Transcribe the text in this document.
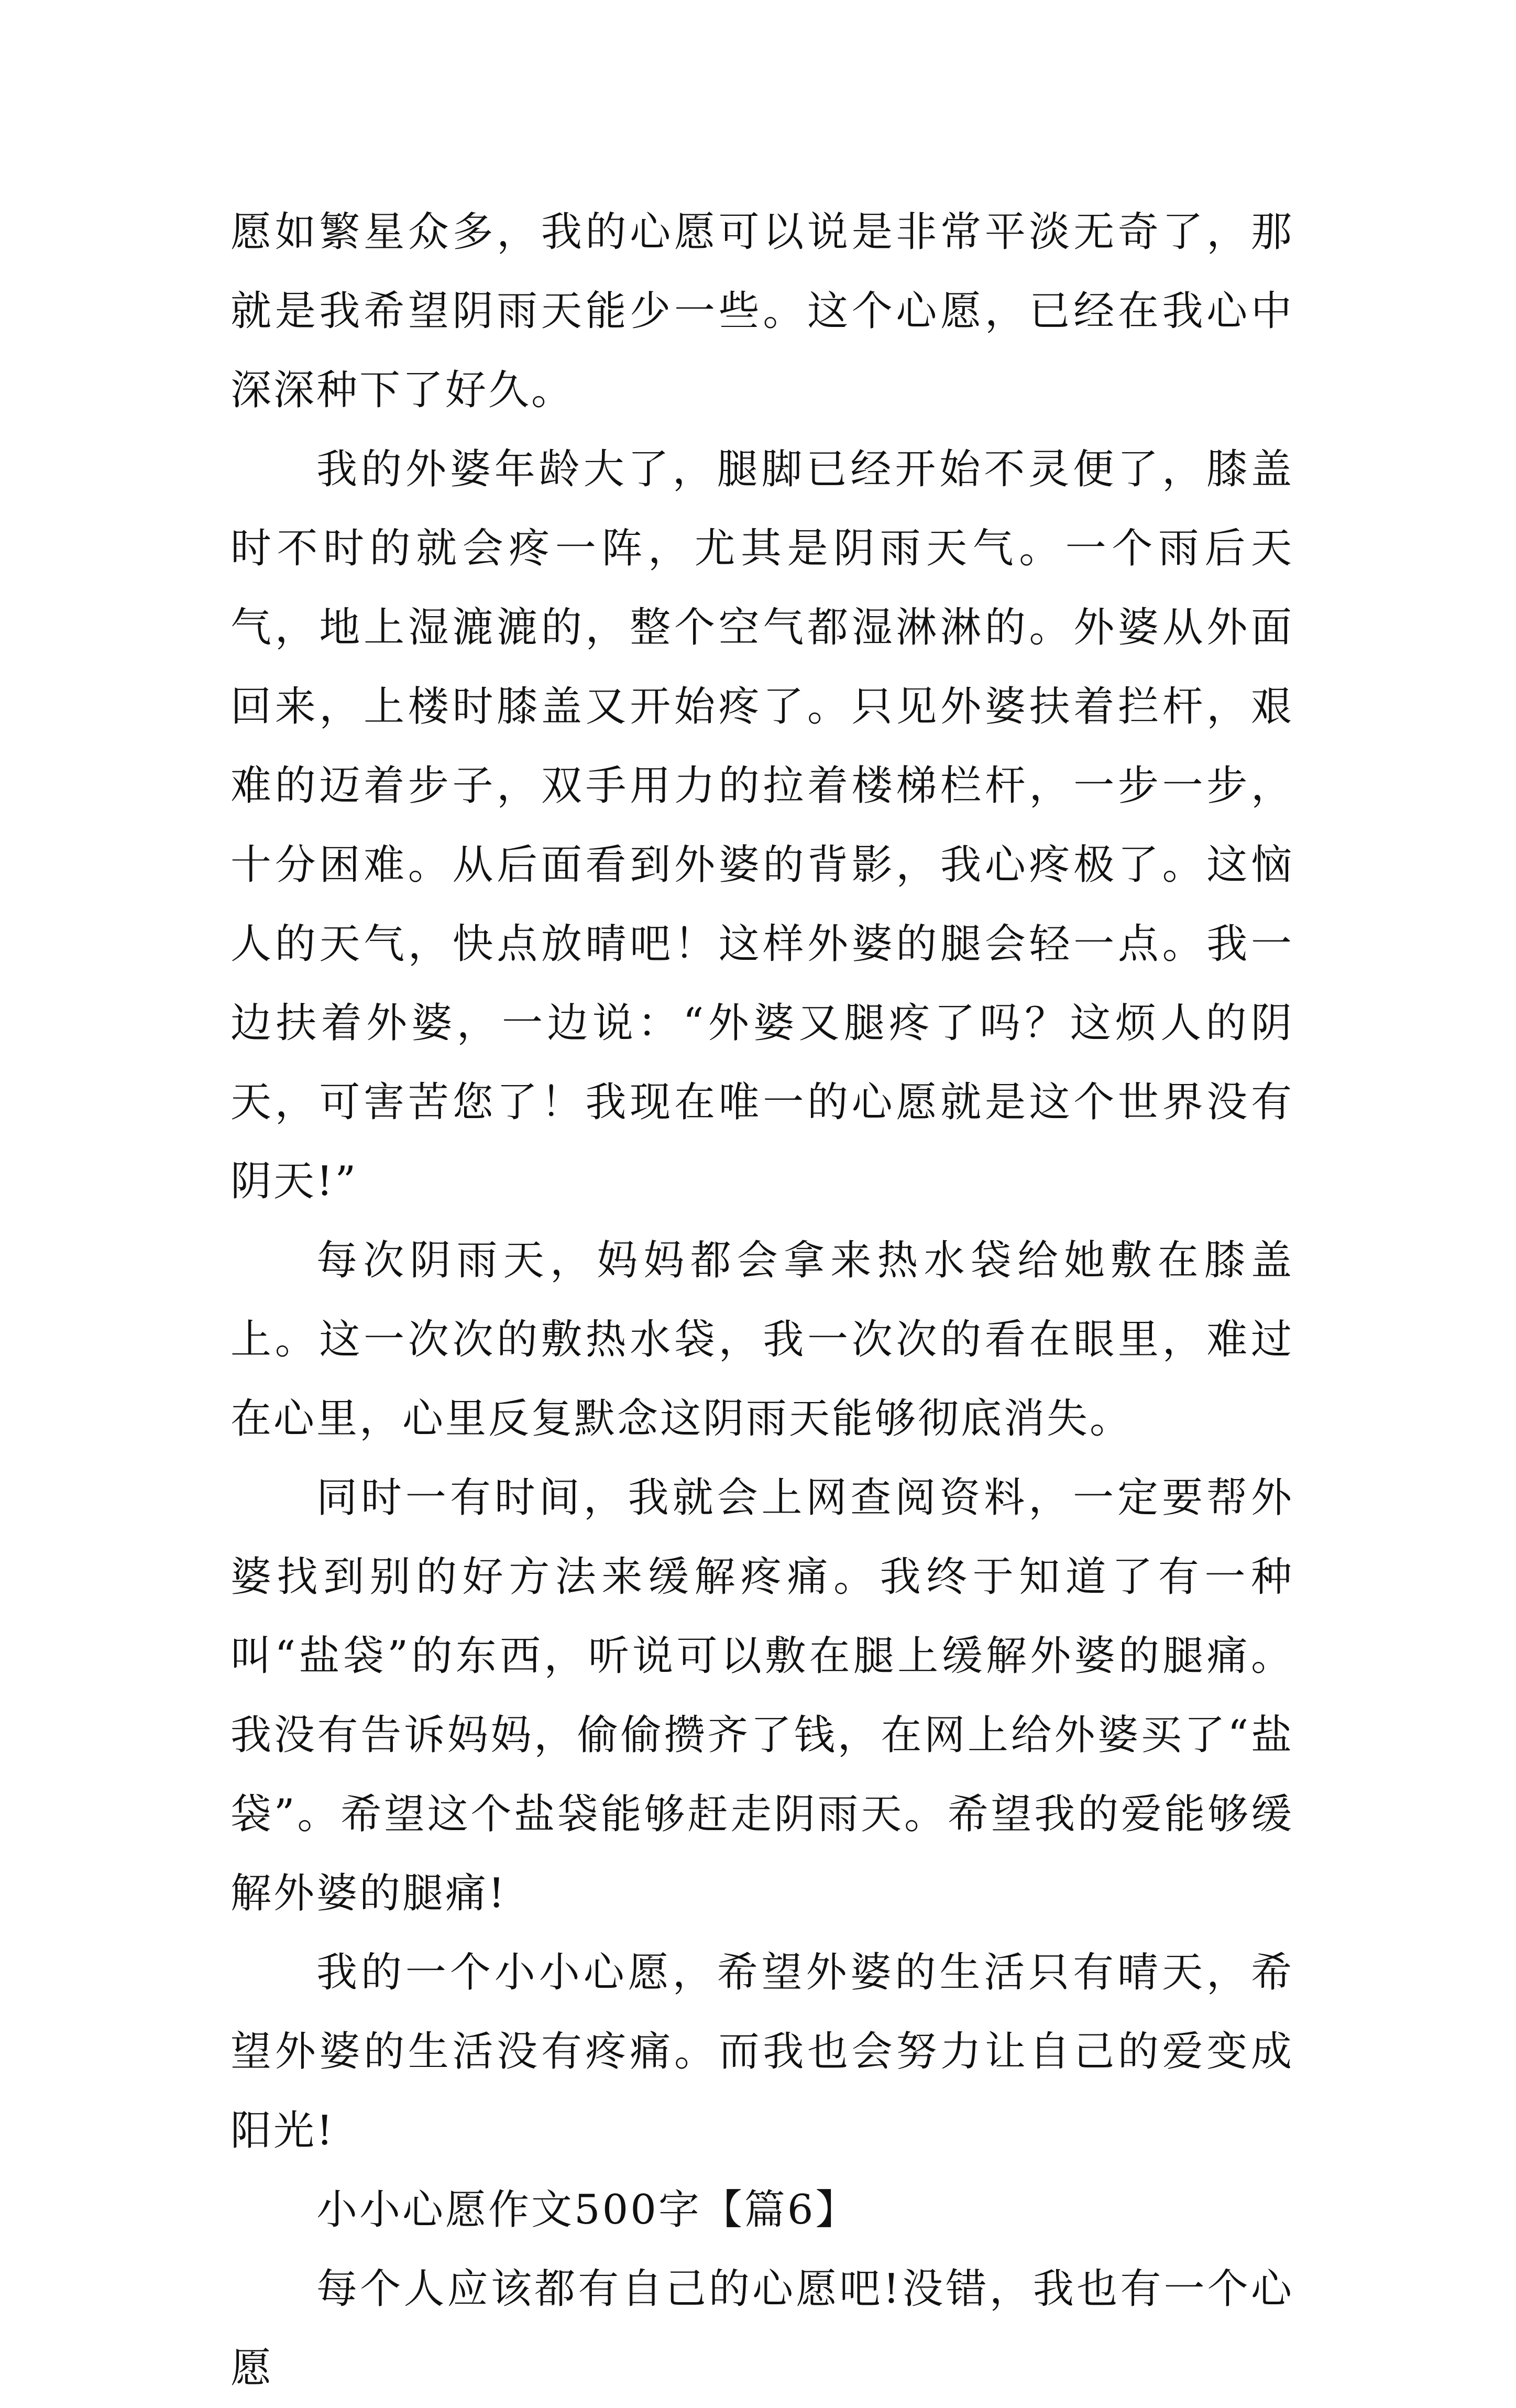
愿如繁星众多，我的心愿可以说是非常平淡无奇了，那就是我希望阴雨天能少一些。这个心愿，已经在我心中深深种下了好久。

我的外婆年龄大了，腿脚已经开始不灵便了，膝盖时不时的就会疼一阵，尤其是阴雨天气。一个雨后天气，地上湿漉漉的，整个空气都湿淋淋的。外婆从外面回来，上楼时膝盖又开始疼了。只见外婆扶着拦杆，艰难的迈着步子，双手用力的拉着楼梯栏杆，一步一步，十分困难。从后面看到外婆的背影，我心疼极了。这恼人的天气，快点放晴吧！这样外婆的腿会轻一点。我一边扶着外婆，一边说：“外婆又腿疼了吗？这烦人的阴天，可害苦您了！我现在唯一的心愿就是这个世界没有阴天!”

每次阴雨天，妈妈都会拿来热水袋给她敷在膝盖上。这一次次的敷热水袋，我一次次的看在眼里，难过在心里，心里反复默念这阴雨天能够彻底消失。

同时一有时间，我就会上网查阅资料，一定要帮外婆找到别的好方法来缓解疼痛。我终于知道了有一种叫“盐袋”的东西，听说可以敷在腿上缓解外婆的腿痛。我没有告诉妈妈，偷偷攒齐了钱，在网上给外婆买了“盐袋”。希望这个盐袋能够赶走阴雨天。希望我的爱能够缓解外婆的腿痛!

我的一个小小心愿，希望外婆的生活只有晴天，希望外婆的生活没有疼痛。而我也会努力让自己的爱变成阳光!

小小心愿作文500字【篇6】

每个人应该都有自己的心愿吧!没错，我也有一个心愿
